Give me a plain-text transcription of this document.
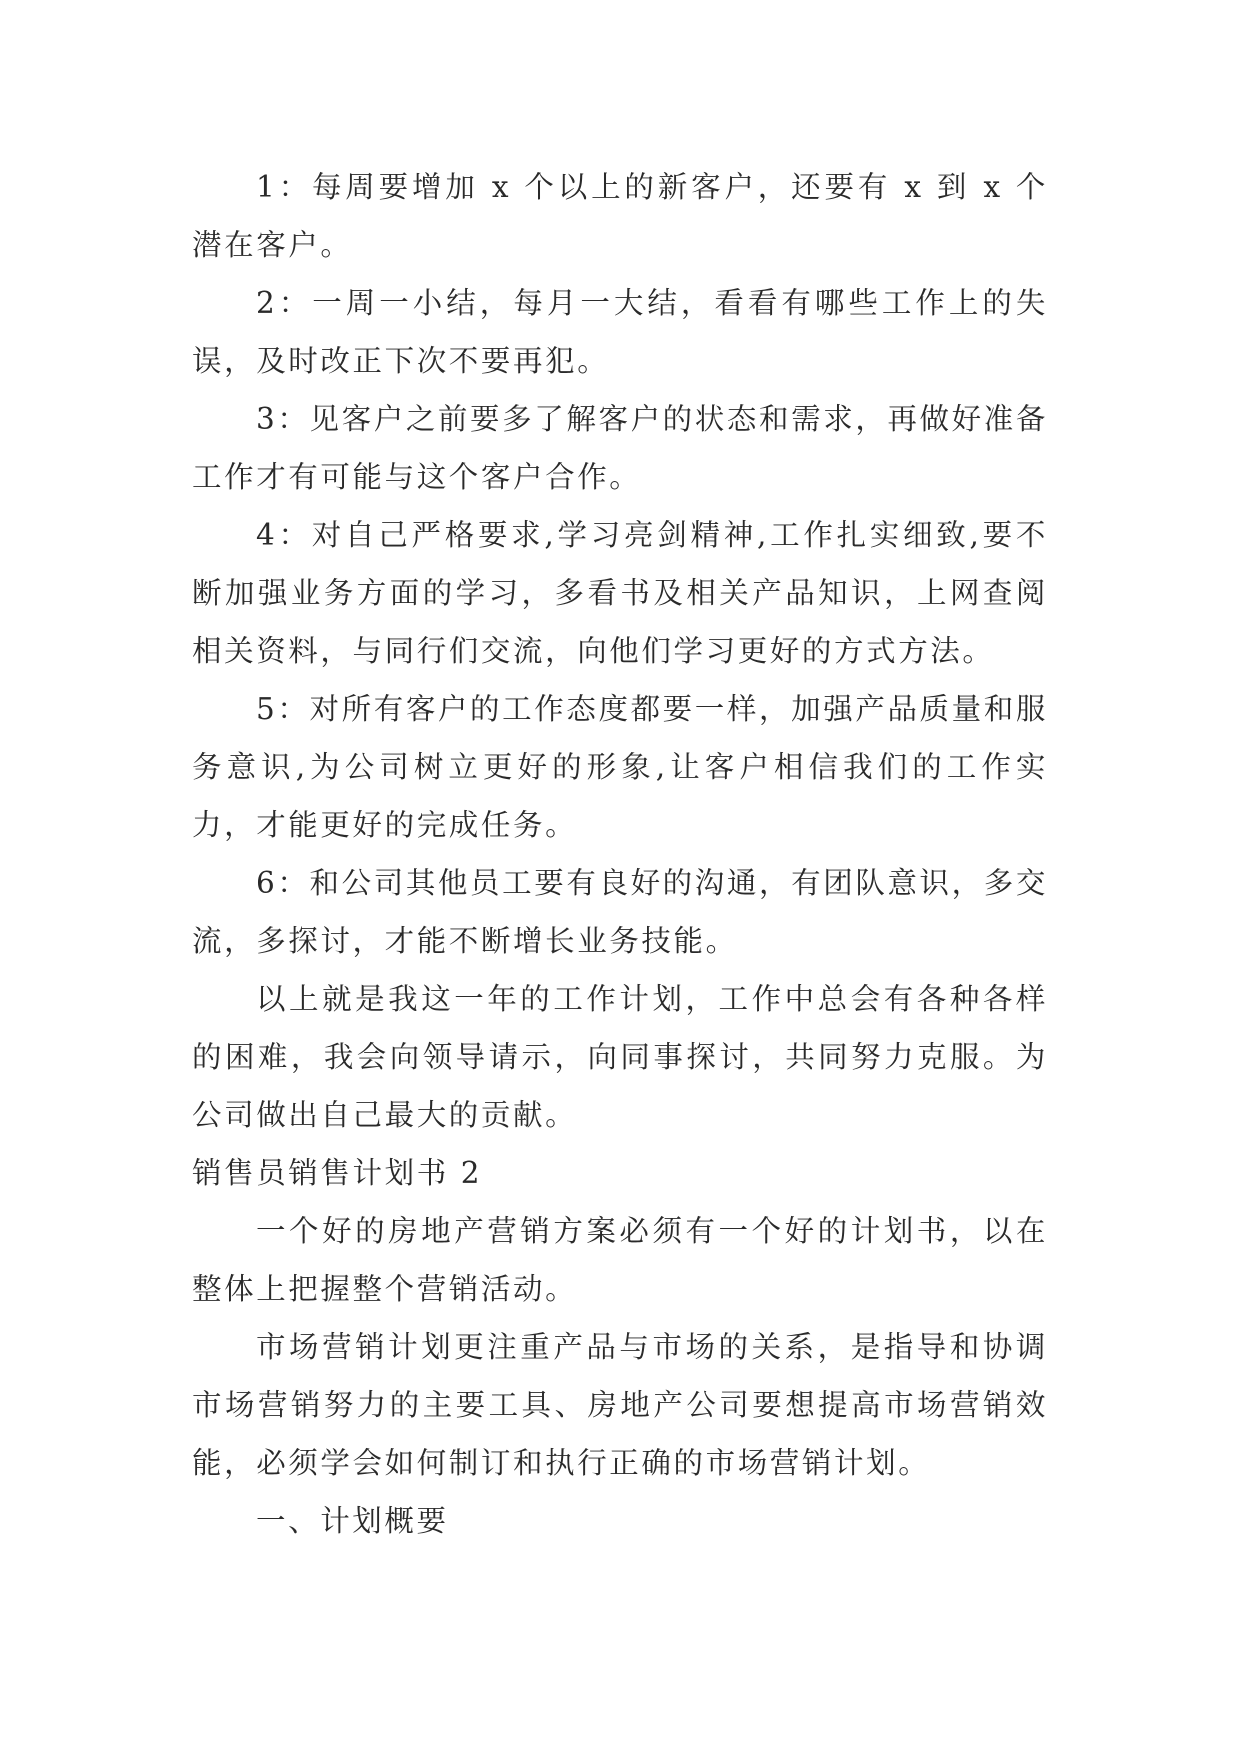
1：每周要增加 x 个以上的新客户，还要有 x 到 x 个潜在客户。

2：一周一小结，每月一大结，看看有哪些工作上的失误，及时改正下次不要再犯。

3：见客户之前要多了解客户的状态和需求，再做好准备工作才有可能与这个客户合作。

4：对自己严格要求,学习亮剑精神,工作扎实细致,要不断加强业务方面的学习，多看书及相关产品知识，上网查阅相关资料，与同行们交流，向他们学习更好的方式方法。

5：对所有客户的工作态度都要一样，加强产品质量和服务意识,为公司树立更好的形象,让客户相信我们的工作实力，才能更好的完成任务。

6：和公司其他员工要有良好的沟通，有团队意识，多交流，多探讨，才能不断增长业务技能。

以上就是我这一年的工作计划，工作中总会有各种各样的困难，我会向领导请示，向同事探讨，共同努力克服。为公司做出自己最大的贡献。

销售员销售计划书 2

一个好的房地产营销方案必须有一个好的计划书，以在整体上把握整个营销活动。

市场营销计划更注重产品与市场的关系，是指导和协调市场营销努力的主要工具、房地产公司要想提高市场营销效能，必须学会如何制订和执行正确的市场营销计划。

一、计划概要
